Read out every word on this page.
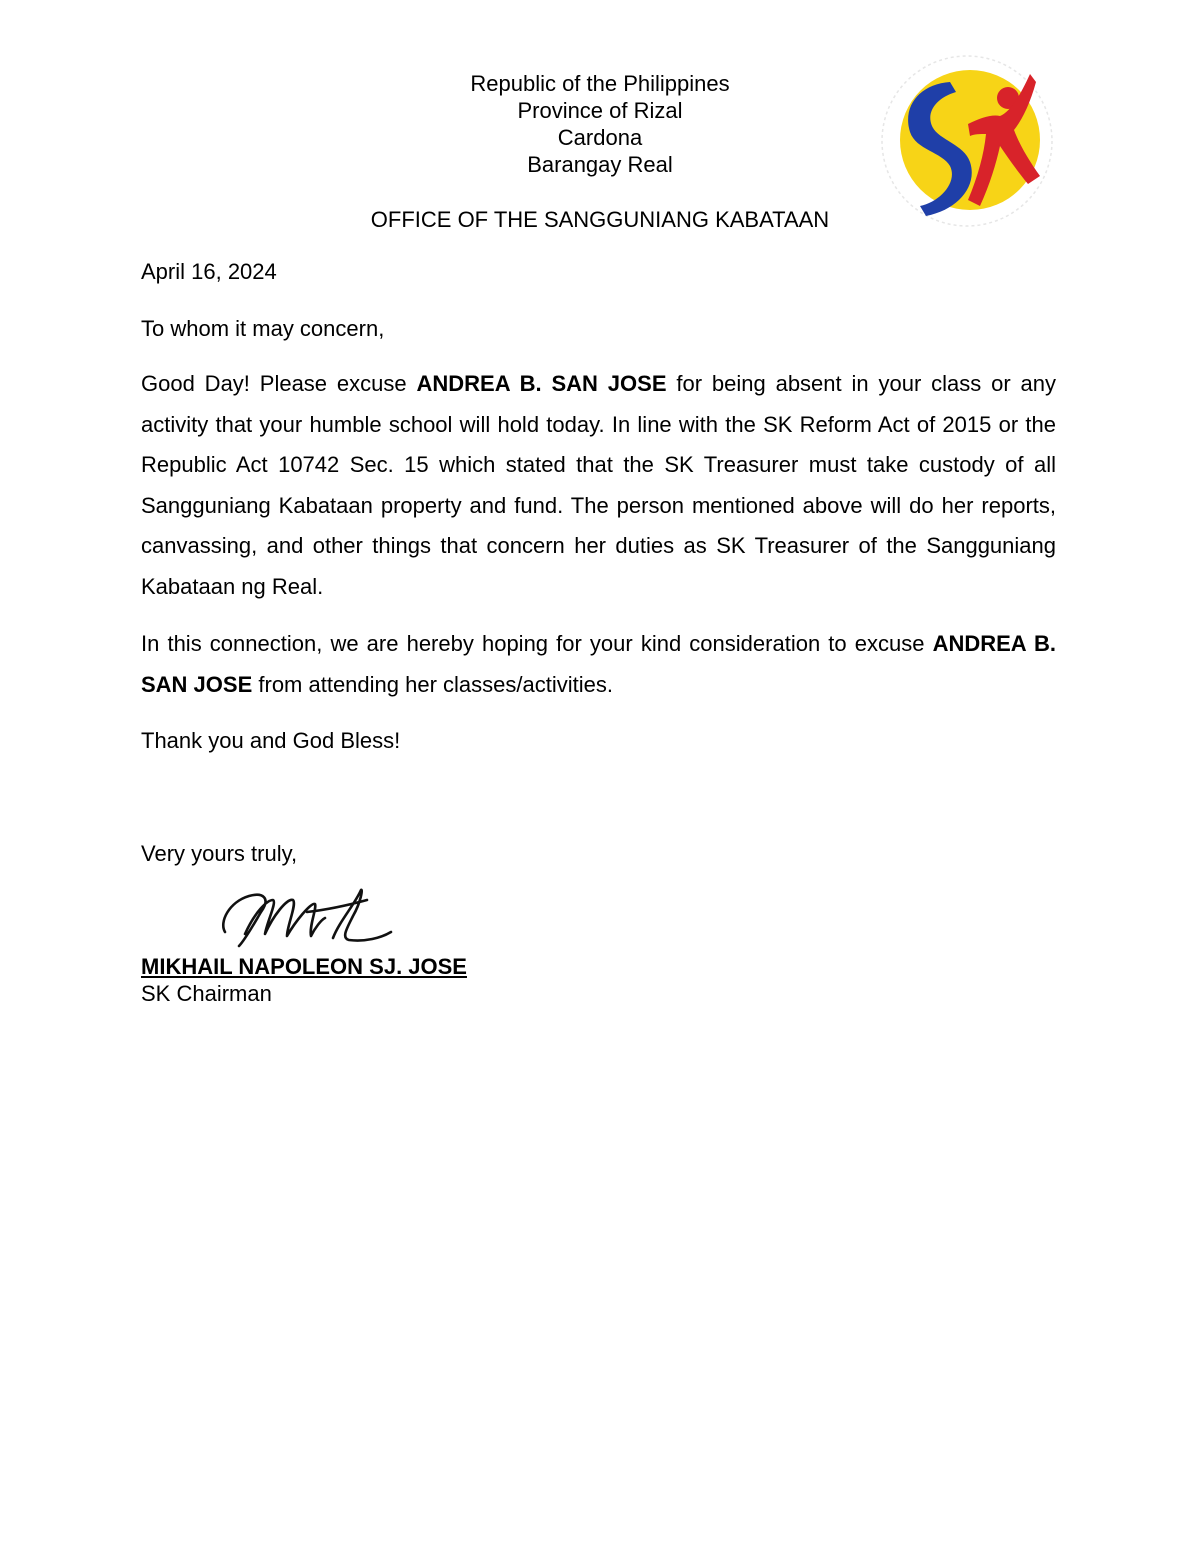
Republic of the Philippines
Province of Rizal
Cardona
Barangay Real
OFFICE OF THE SANGGUNIANG KABATAAN
SK
April 16, 2024
To whom it may concern,
Good Day! Please excuse ANDREA B. SAN JOSE for being absent in your class or any activity that your humble school will hold today. In line with the SK Reform Act of 2015 or the Republic Act 10742 Sec. 15 which stated that the SK Treasurer must take custody of all Sangguniang Kabataan property and fund. The person mentioned above will do her reports, canvassing, and other things that concern her duties as SK Treasurer of the Sangguniang Kabataan ng Real.
In this connection, we are hereby hoping for your kind consideration to excuse ANDREA B. SAN JOSE from attending her classes/activities.
Thank you and God Bless!
Very yours truly,
MIKHAIL NAPOLEON SJ. JOSE
SK Chairman
